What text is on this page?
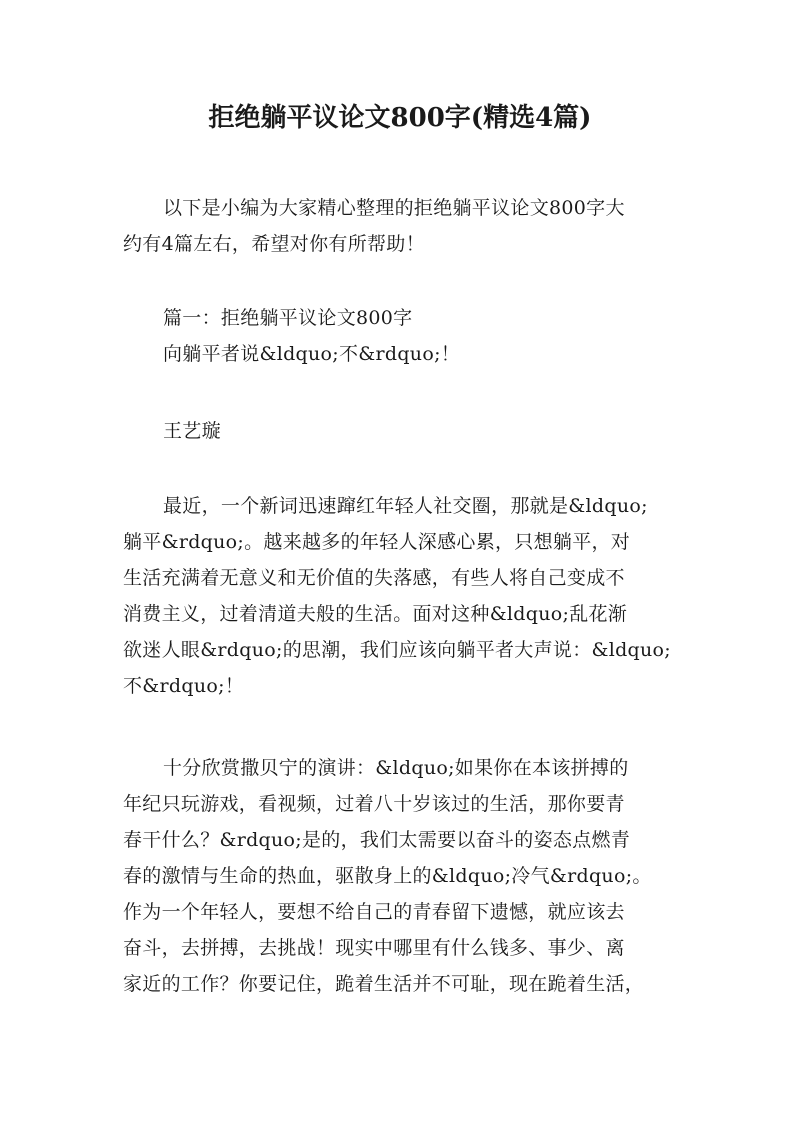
拒绝躺平议论文800字(精选4篇)

以下是小编为大家精心整理的拒绝躺平议论文800字大
约有4篇左右，希望对你有所帮助！

篇一：拒绝躺平议论文800字
向躺平者说&ldquo;不&rdquo;！

王艺璇

最近，一个新词迅速蹿红年轻人社交圈，那就是&ldquo;
躺平&rdquo;。越来越多的年轻人深感心累，只想躺平，对
生活充满着无意义和无价值的失落感，有些人将自己变成不
消费主义，过着清道夫般的生活。面对这种&ldquo;乱花渐
欲迷人眼&rdquo;的思潮，我们应该向躺平者大声说：&ldquo;
不&rdquo;！

十分欣赏撒贝宁的演讲：&ldquo;如果你在本该拼搏的
年纪只玩游戏，看视频，过着八十岁该过的生活，那你要青
春干什么？&rdquo;是的，我们太需要以奋斗的姿态点燃青
春的激情与生命的热血，驱散身上的&ldquo;冷气&rdquo;。
作为一个年轻人，要想不给自己的青春留下遗憾，就应该去
奋斗，去拼搏，去挑战！现实中哪里有什么钱多、事少、离
家近的工作？你要记住，跪着生活并不可耻，现在跪着生活，
